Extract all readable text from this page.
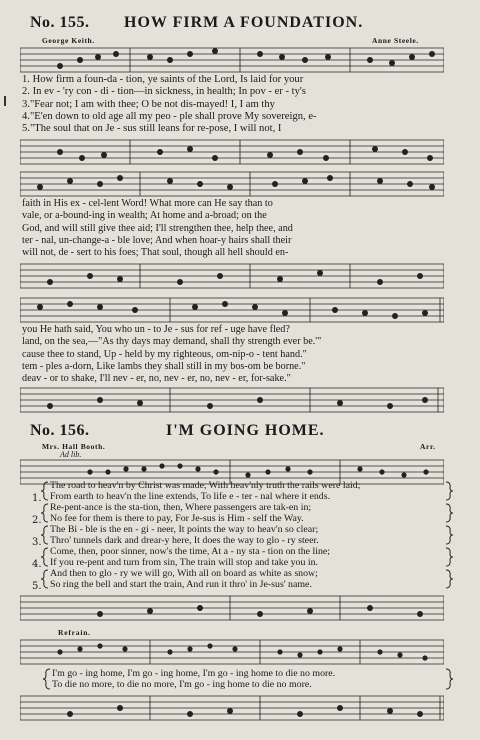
No. 155. HOW FIRM A FOUNDATION.
George Keith.	Anne Steele.
1. How firm a foun-da - tion, ye saints of the Lord, Is laid for your
2. In ev - 'ry con - di - tion—in sickness, in health; In pov - er - ty's
3."Fear not; I am with thee; O be not dis-mayed! I, I am thy
4."E'en down to old age all my peo - ple shall prove My sovereign, e-
5."The soul that on Je - sus still leans for re-pose, I will not, I
faith in His ex - cel-lent Word! What more can He say than to
vale, or a-bound-ing in wealth; At home and a-broad; on the
God, and will still give thee aid; I'll strengthen thee, help thee, and
ter - nal, un-change-a - ble love; And when hoar-y hairs shall their
will not, de - sert to his foes; That soul, though all hell should en-
you He hath said, You who un - to Je - sus for ref - uge have fled?
land, on the sea,—"As thy days may demand, shall thy strength ever be.'"
cause thee to stand, Up - held by my righteous, om-nip-o - tent hand."
tem - ples a-dorn, Like lambs they shall still in my bos-om be borne."
deav - or to shake, I'll nev - er, no, nev - er, no, nev - er, for-sake."
No. 156.	I'M GOING HOME.
Mrs. Hall Booth.	Arr.
Ad lib.
1.
2.
3.
4.
5.
The road to heav'n by Christ was made, With heav'nly truth the rails were laid;
From earth to heav'n the line extends, To life e - ter - nal where it ends.
Re-pent-ance is the sta-tion, then, Where passengers are tak-en in;
No fee for them is there to pay, For Je-sus is Him - self the Way.
The Bi - ble is the en - gi - neer, It points the way to heav'n so clear;
Thro' tunnels dark and drear-y here, It does the way to glo - ry steer.
Come, then, poor sinner, now's the time, At a - ny sta - tion on the line;
If you re-pent and turn from sin, The train will stop and take you in.
And then to glo - ry we will go, With all on board as white as snow;
So ring the bell and start the train, And run it thro' in Je-sus' name.
Refrain.
I'm go - ing home, I'm go - ing home, I'm go - ing home to die no more.
To die no more, to die no more, I'm go - ing home to die no more.
